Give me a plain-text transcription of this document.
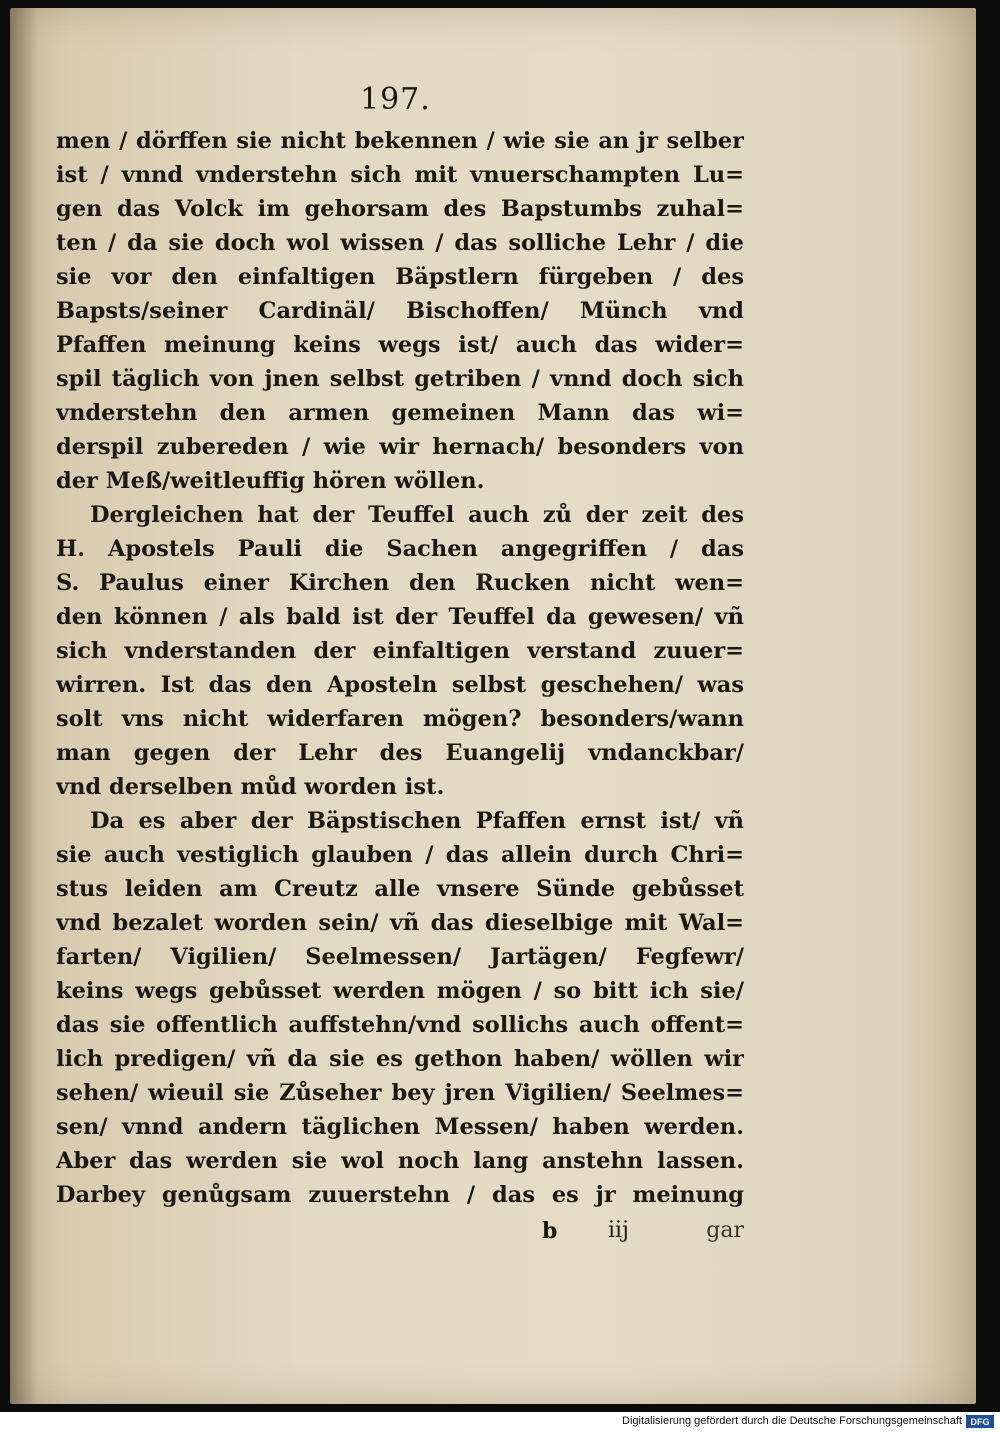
197.
men / dörffen sie nicht bekennen / wie sie an jr selber
ist / vnnd vnderstehn sich mit vnuerschampten Lu=
gen das Volck im gehorsam des Bapstumbs zuhal=
ten / da sie doch wol wissen / das solliche Lehr / die
sie vor den einfaltigen Bäpstlern fürgeben / des
Bapsts/seiner Cardinäl/ Bischoffen/ Münch vnd
Pfaffen meinung keins wegs ist/ auch das wider=
spil täglich von jnen selbst getriben / vnnd doch sich
vnderstehn den armen gemeinen Mann das wi=
derspil zubereden / wie wir hernach/ besonders von
der Meß/weitleuffig hören wöllen.
Dergleichen hat der Teuffel auch zů der zeit des
H. Apostels Pauli die Sachen angegriffen / das
S. Paulus einer Kirchen den Rucken nicht wen=
den können / als bald ist der Teuffel da gewesen/ vñ
sich vnderstanden der einfaltigen verstand zuuer=
wirren. Ist das den Aposteln selbst geschehen/ was
solt vns nicht widerfaren mögen? besonders/wann
man gegen der Lehr des Euangelij vndanckbar/
vnd derselben můd worden ist.
Da es aber der Bäpstischen Pfaffen ernst ist/ vñ
sie auch vestiglich glauben / das allein durch Chri=
stus leiden am Creutz alle vnsere Sünde gebůsset
vnd bezalet worden sein/ vñ das dieselbige mit Wal=
farten/ Vigilien/ Seelmessen/ Jartägen/ Fegfewr/
keins wegs gebůsset werden mögen / so bitt ich sie/
das sie offentlich auffstehn/vnd sollichs auch offent=
lich predigen/ vñ da sie es gethon haben/ wöllen wir
sehen/ wieuil sie Zůseher bey jren Vigilien/ Seelmes=
sen/ vnnd andern täglichen Messen/ haben werden.
Aber das werden sie wol noch lang anstehn lassen.
Darbey genůgsam zuuerstehn / das es jr meinung
b iij	gar
Digitalisierung gefördert durch die Deutsche Forschungsgemeinschaft DFG
